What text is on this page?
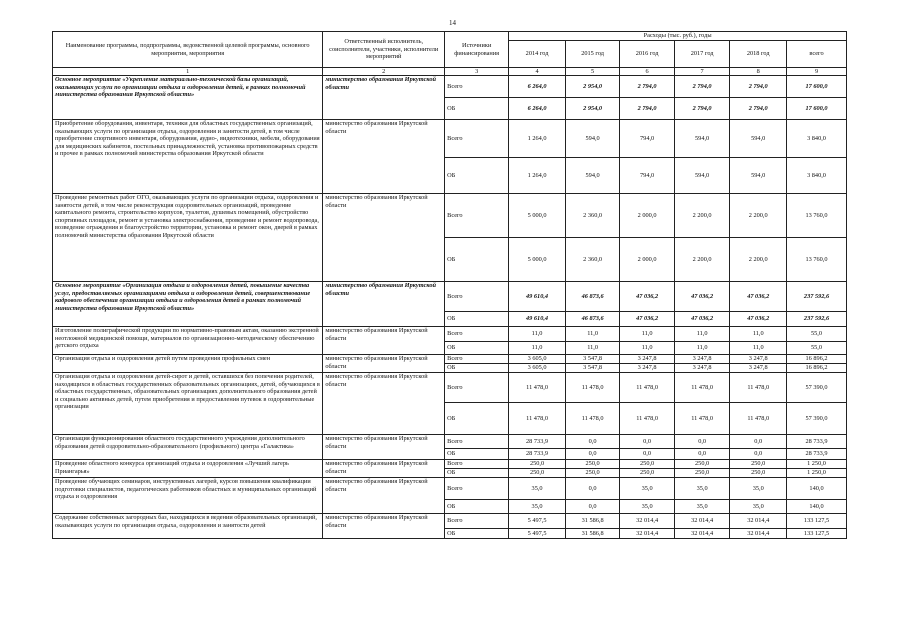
14
Наименование программы, подпрограммы, ведомственной целевой программы, основного мероприятия, мероприятия	Ответственный исполнитель, соисполнители, участники, исполнители мероприятий	Источники финансирования	Расходы (тыс. руб.), годы					
			2014 год	2015 год	2016 год	2017 год	2018 год	всего
1	2	3	4	5	6	7	8	9
Основное мероприятие «Укрепление материально-технической базы организаций, оказывающих услуги по организации отдыха и оздоровления детей, в рамках полномочий министерства образования Иркутской области»	министерство образования Иркутской области	Всего	6 264,0	2 954,0	2 794,0	2 794,0	2 794,0	17 600,0
		ОБ	6 264,0	2 954,0	2 794,0	2 794,0	2 794,0	17 600,0
Приобретение оборудования, инвентаря, техники для областных государственных организаций, оказывающих услуги по организации отдыха, оздоровления и занятости детей, в том числе приобретение спортивного инвентаря, оборудования, аудио-, видеотехники, мебели, оборудования для медицинских кабинетов, постельных принадлежностей, установка противопожарных средств и прочее в рамках полномочий министерства образования Иркутской области	министерство образования Иркутской области	Всего	1 264,0	594,0	794,0	594,0	594,0	3 840,0
		ОБ	1 264,0	594,0	794,0	594,0	594,0	3 840,0
Проведение ремонтных работ ОГО, оказывающих услуги по организации отдыха, оздоровления и занятости детей, в том числе реконструкция оздоровительных организаций, проведение капитального ремонта, строительство корпусов, туалетов, душевых помещений, обустройство спортивных площадок, ремонт и установка электроснабжения, проведение и ремонт водопровода, возведение ограждения и благоустройство территории, установка и ремонт окон, дверей в рамках полномочий министерства образования Иркутской области	министерство образования Иркутской области	Всего	5 000,0	2 360,0	2 000,0	2 200,0	2 200,0	13 760,0
		ОБ	5 000,0	2 360,0	2 000,0	2 200,0	2 200,0	13 760,0
Основное мероприятие «Организация отдыха и оздоровления детей, повышение качества услуг, предоставляемых организациями отдыха и оздоровления детей, совершенствование кадрового обеспечения организации отдыха и оздоровления детей в рамках полномочий министерства образования Иркутской области»	министерство образования Иркутской области	Всего	49 610,4	46 873,6	47 036,2	47 036,2	47 036,2	237 592,6
		ОБ	49 610,4	46 873,6	47 036,2	47 036,2	47 036,2	237 592,6
Изготовление полиграфической продукции по нормативно-правовым актам, оказанию экстренной неотложной медицинской помощи, материалов по организационно-методическому обеспечению детского отдыха	министерство образования Иркутской области	Всего	11,0	11,0	11,0	11,0	11,0	55,0
		ОБ	11,0	11,0	11,0	11,0	11,0	55,0
Организация отдыха и оздоровления детей путем проведения профильных смен	министерство образования Иркутской области	Всего	3 605,0	3 547,8	3 247,8	3 247,8	3 247,8	16 896,2
		ОБ	3 605,0	3 547,8	3 247,8	3 247,8	3 247,8	16 896,2
Организация отдыха и оздоровления детей-сирот и детей, оставшихся без попечения родителей, находящихся в областных государственных образовательных организациях, детей, обучающихся в областных государственных, образовательных организациях дополнительного образования детей и социально активных детей, путем приобретения и предоставления путевок в оздоровительные организации	министерство образования Иркутской области	Всего	11 478,0	11 478,0	11 478,0	11 478,0	11 478,0	57 390,0
		ОБ	11 478,0	11 478,0	11 478,0	11 478,0	11 478,0	57 390,0
Организация функционирования областного государственного учреждения дополнительного образования детей оздоровительно-образовательного (профильного) центра «Галактика»	министерство образования Иркутской области	Всего	28 733,9	0,0	0,0	0,0	0,0	28 733,9
		ОБ	28 733,9	0,0	0,0	0,0	0,0	28 733,9
Проведение областного конкурса организаций отдыха и оздоровления «Лучший лагерь Приангарья»	министерство образования Иркутской области	Всего	250,0	250,0	250,0	250,0	250,0	1 250,0
		ОБ	250,0	250,0	250,0	250,0	250,0	1 250,0
Проведение обучающих семинаров, инструктивных лагерей, курсов повышения квалификации подготовки специалистов, педагогических работников областных и муниципальных организаций отдыха и оздоровления	министерство образования Иркутской области	Всего	35,0	0,0	35,0	35,0	35,0	140,0
		ОБ	35,0	0,0	35,0	35,0	35,0	140,0
Содержание собственных загородных баз, находящихся в ведении образовательных организаций, оказывающих услуги по организации отдыха, оздоровления и занятости детей	министерство образования Иркутской области	Всего	5 497,5	31 586,8	32 014,4	32 014,4	32 014,4	133 127,5
		ОБ	5 497,5	31 586,8	32 014,4	32 014,4	32 014,4	133 127,5
